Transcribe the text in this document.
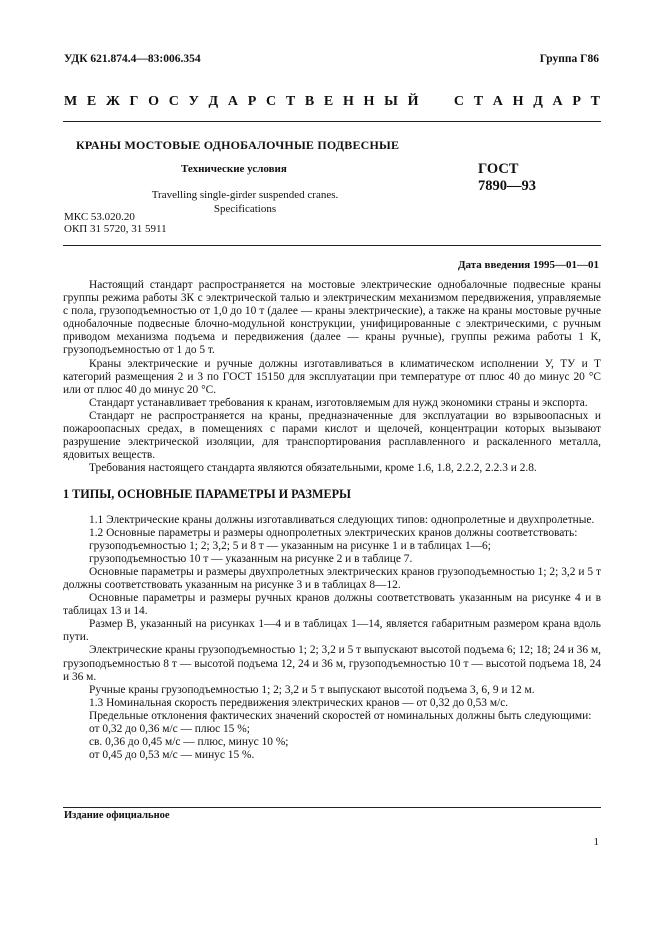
УДК 621.874.4—83:006.354	Группа Г86
М Е Ж Г О С У Д А Р С Т В Е Н Н Ы Й	С Т А Н Д А Р Т
КРАНЫ МОСТОВЫЕ ОДНОБАЛОЧНЫЕ ПОДВЕСНЫЕ
Технические условия
Travelling single-girder suspended cranes.
Specifications
ГОСТ
7890—93
МКС 53.020.20
ОКП 31 5720, 31 5911
Дата введения 1995—01—01

Настоящий стандарт распространяется на мостовые электрические однобалочные подвесные краны группы режима работы 3К с электрической талью и электрическим механизмом передвижения, управляемые с пола, грузоподъемностью от 1,0 до 10 т (далее — краны электрические), а также на краны мостовые ручные однобалочные подвесные блочно-модульной конструкции, унифицированные с электрическими, с ручным приводом механизма подъема и передвижения (далее — краны ручные), группы режима работы 1 К, грузоподъемностью от 1 до 5 т.

Краны электрические и ручные должны изготавливаться в климатическом исполнении У, ТУ и Т категорий размещения 2 и 3 по ГОСТ 15150 для эксплуатации при температуре от плюс 40 до минус 20 °С или от плюс 40 до минус 20 °С.

Стандарт устанавливает требования к кранам, изготовляемым для нужд экономики страны и экспорта.

Стандарт не распространяется на краны, предназначенные для эксплуатации во взрывоопасных и пожароопасных средах, в помещениях с парами кислот и щелочей, концентрации которых вызывают разрушение электрической изоляции, для транспортирования расплавленного и раскаленного металла, ядовитых веществ.

Требования настоящего стандарта являются обязательными, кроме 1.6, 1.8, 2.2.2, 2.2.3 и 2.8.

1 ТИПЫ, ОСНОВНЫЕ ПАРАМЕТРЫ И РАЗМЕРЫ

1.1 Электрические краны должны изготавливаться следующих типов: однопролетные и двухпролетные.

1.2 Основные параметры и размеры однопролетных электрических кранов должны соответствовать:

грузоподъемностью 1; 2; 3,2; 5 и 8 т — указанным на рисунке 1 и в таблицах 1—6;

грузоподъемностью 10 т — указанным на рисунке 2 и в таблице 7.

Основные параметры и размеры двухпролетных электрических кранов грузоподъемностью 1; 2; 3,2 и 5 т должны соответствовать указанным на рисунке 3 и в таблицах 8—12.

Основные параметры и размеры ручных кранов должны соответствовать указанным на рисунке 4 и в таблицах 13 и 14.

Размер B, указанный на рисунках 1—4 и в таблицах 1—14, является габаритным размером крана вдоль пути.

Электрические краны грузоподъемностью 1; 2; 3,2 и 5 т выпускают высотой подъема 6; 12; 18; 24 и 36 м, грузоподъемностью 8 т — высотой подъема 12, 24 и 36 м, грузоподъемностью 10 т — высотой подъема 18, 24 и 36 м.

Ручные краны грузоподъемностью 1; 2; 3,2 и 5 т выпускают высотой подъема 3, 6, 9 и 12 м.

1.3 Номинальная скорость передвижения электрических кранов — от 0,32 до 0,53 м/с.

Предельные отклонения фактических значений скоростей от номинальных должны быть следующими:

от 0,32 до 0,36 м/с — плюс 15 %;

св. 0,36 до 0,45 м/с — плюс, минус 10 %;

от 0,45 до 0,53 м/с — минус 15 %.

Издание официальное
1
